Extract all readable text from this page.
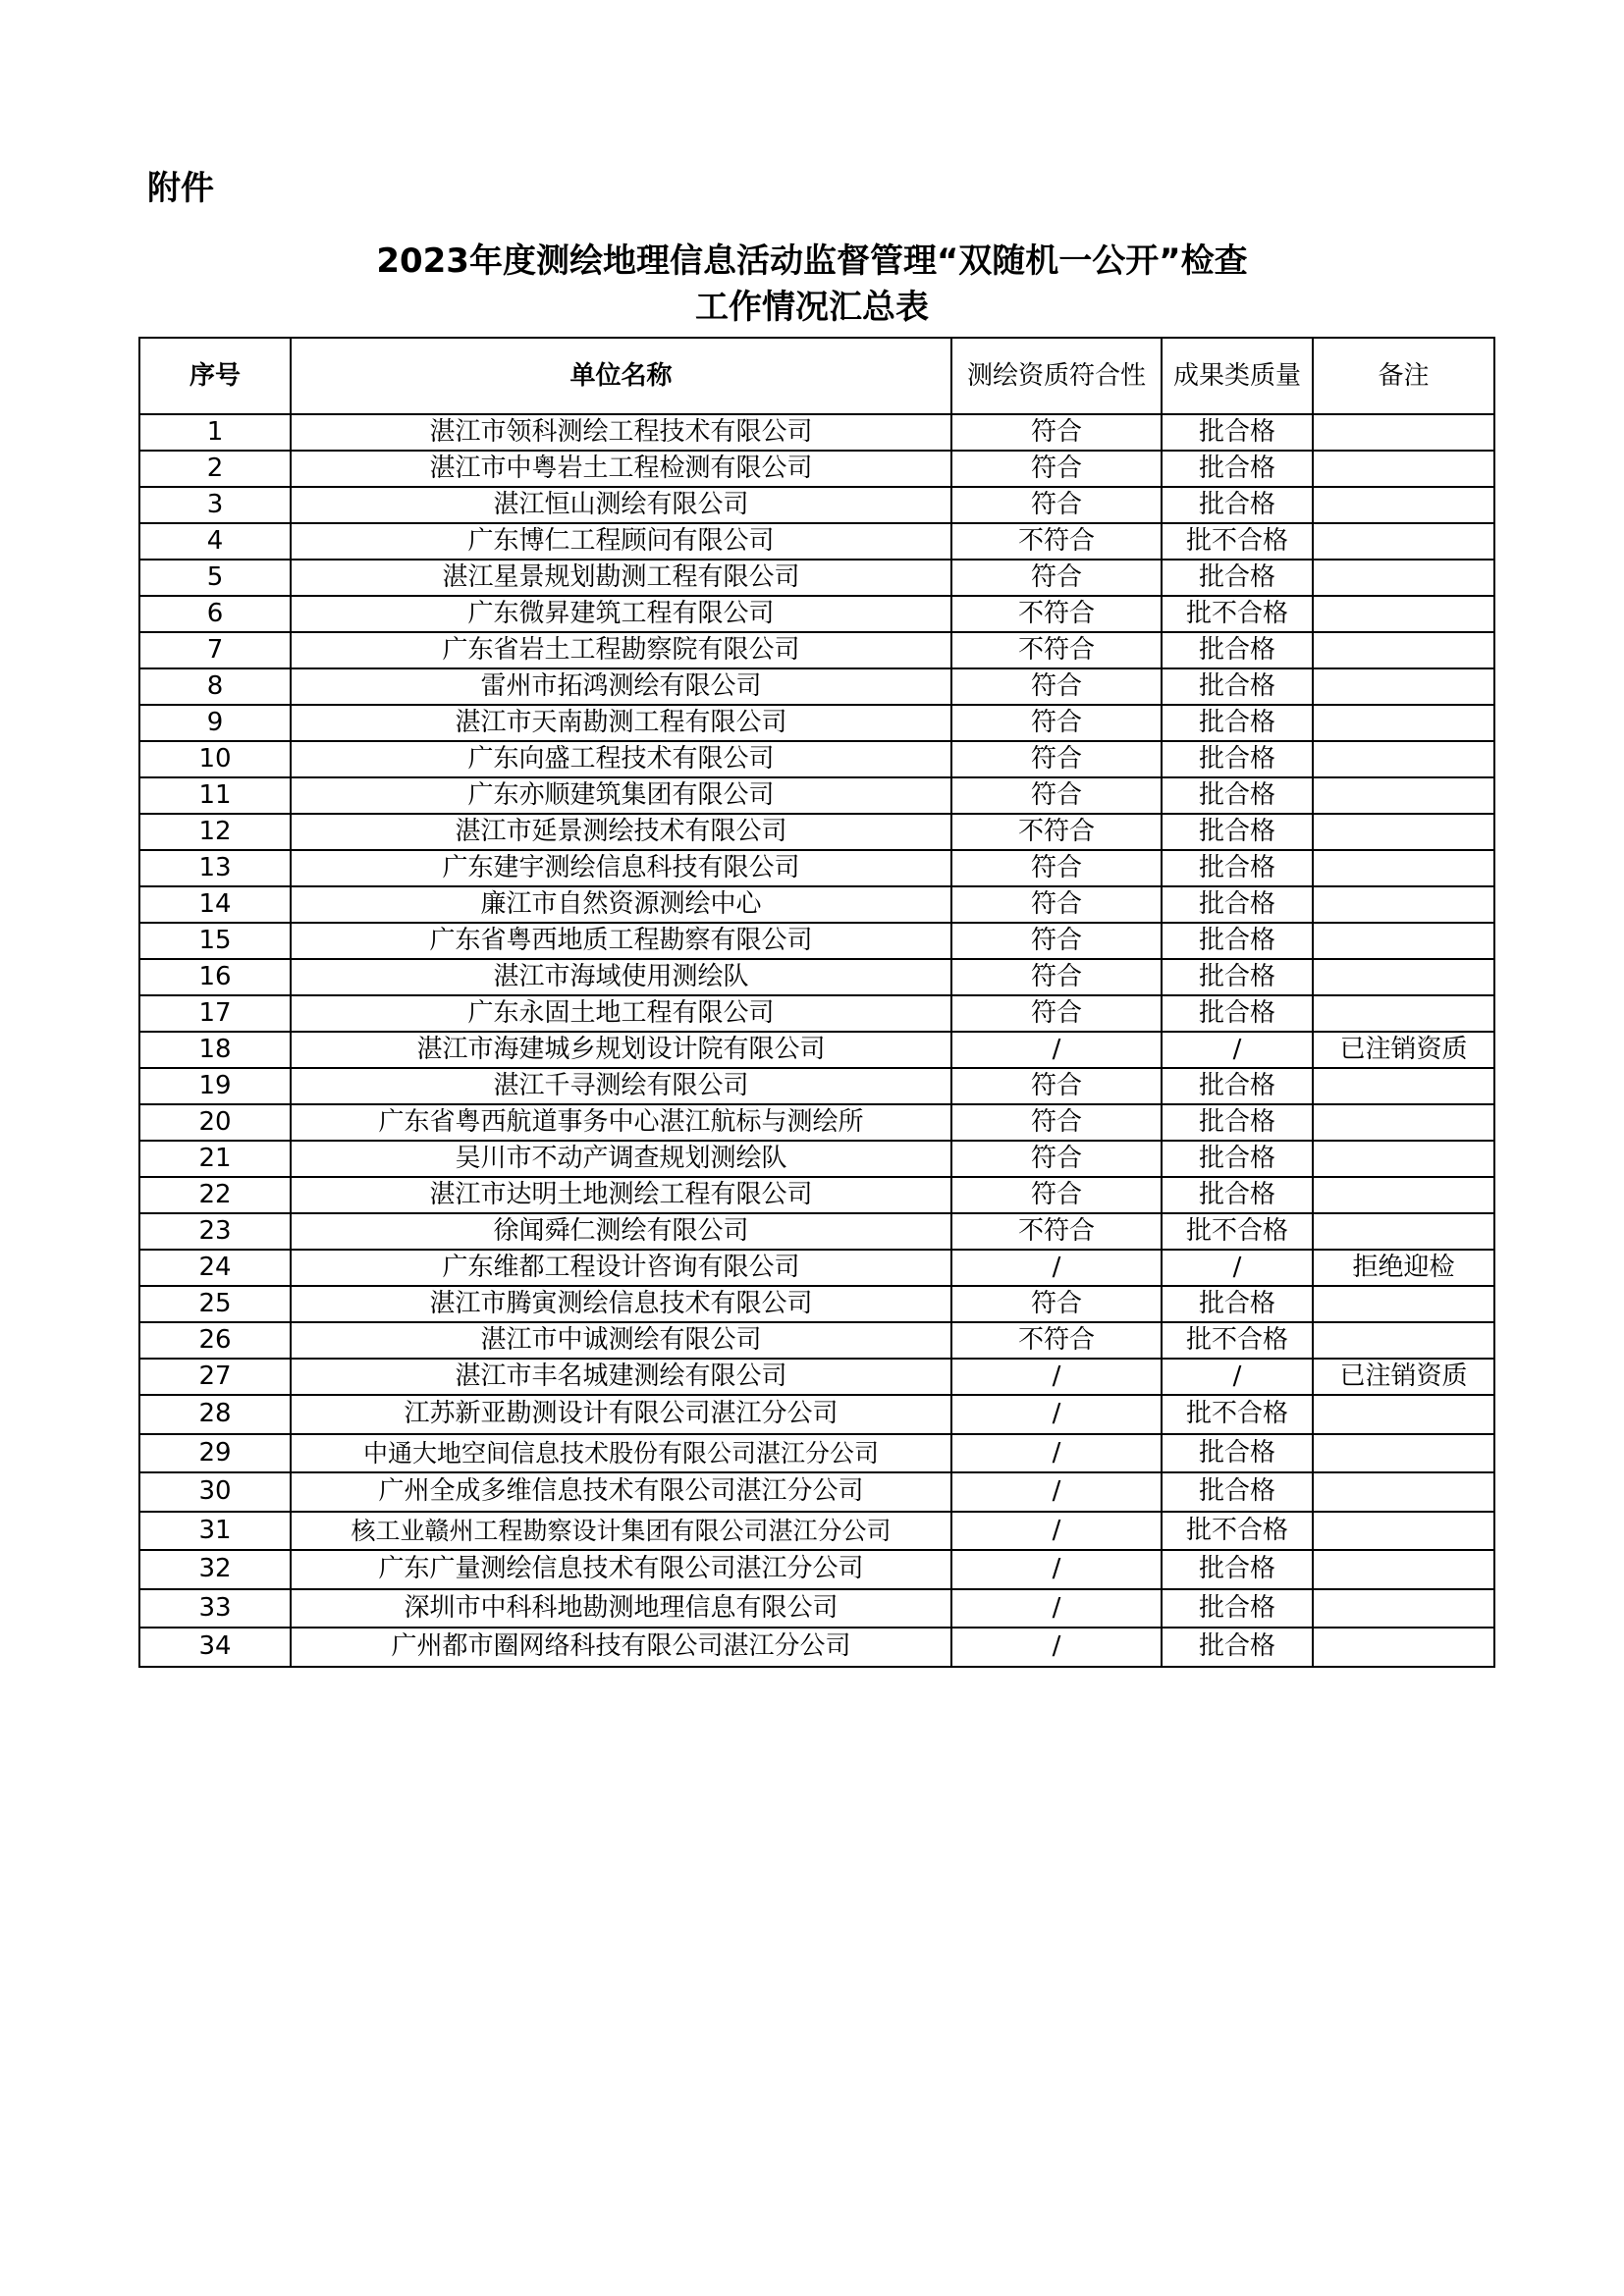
附件
2023年度测绘地理信息活动监督管理“双随机一公开”检查
工作情况汇总表
序号	单位名称	测绘资质符合性	成果类质量	备注
1	湛江市领科测绘工程技术有限公司	符合	批合格	
2	湛江市中粤岩土工程检测有限公司	符合	批合格	
3	湛江恒山测绘有限公司	符合	批合格	
4	广东博仁工程顾问有限公司	不符合	批不合格	
5	湛江星景规划勘测工程有限公司	符合	批合格	
6	广东微昇建筑工程有限公司	不符合	批不合格	
7	广东省岩土工程勘察院有限公司	不符合	批合格	
8	雷州市拓鸿测绘有限公司	符合	批合格	
9	湛江市天南勘测工程有限公司	符合	批合格	
10	广东向盛工程技术有限公司	符合	批合格	
11	广东亦顺建筑集团有限公司	符合	批合格	
12	湛江市延景测绘技术有限公司	不符合	批合格	
13	广东建宇测绘信息科技有限公司	符合	批合格	
14	廉江市自然资源测绘中心	符合	批合格	
15	广东省粤西地质工程勘察有限公司	符合	批合格	
16	湛江市海域使用测绘队	符合	批合格	
17	广东永固土地工程有限公司	符合	批合格	
18	湛江市海建城乡规划设计院有限公司	/	/	已注销资质
19	湛江千寻测绘有限公司	符合	批合格	
20	广东省粤西航道事务中心湛江航标与测绘所	符合	批合格	
21	吴川市不动产调查规划测绘队	符合	批合格	
22	湛江市达明土地测绘工程有限公司	符合	批合格	
23	徐闻舜仁测绘有限公司	不符合	批不合格	
24	广东维都工程设计咨询有限公司	/	/	拒绝迎检
25	湛江市腾寅测绘信息技术有限公司	符合	批合格	
26	湛江市中诚测绘有限公司	不符合	批不合格	
27	湛江市丰名城建测绘有限公司	/	/	已注销资质
28	江苏新亚勘测设计有限公司湛江分公司	/	批不合格	
29	中通大地空间信息技术股份有限公司湛江分公司	/	批合格	
30	广州全成多维信息技术有限公司湛江分公司	/	批合格	
31	核工业赣州工程勘察设计集团有限公司湛江分公司	/	批不合格	
32	广东广量测绘信息技术有限公司湛江分公司	/	批合格	
33	深圳市中科科地勘测地理信息有限公司	/	批合格	
34	广州都市圈网络科技有限公司湛江分公司	/	批合格	
